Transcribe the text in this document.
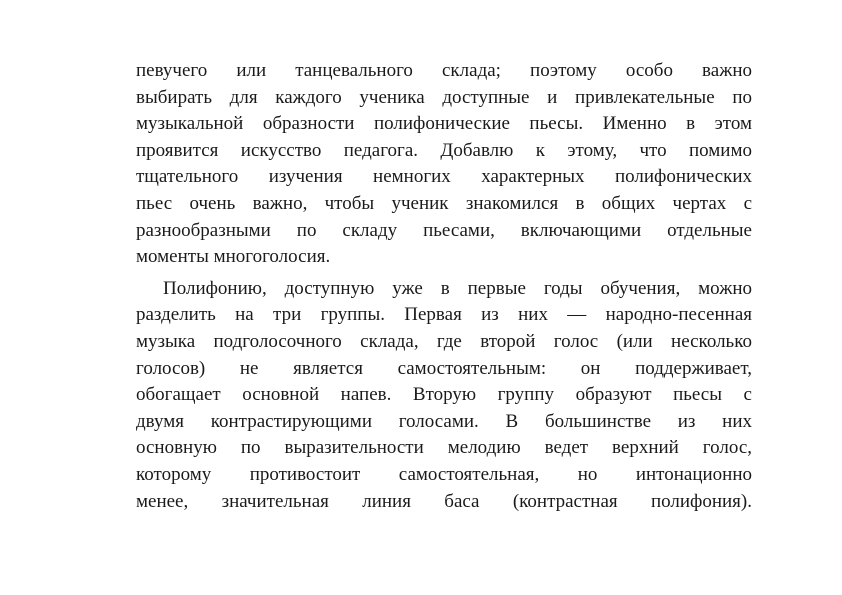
певучего или танцевального склада; поэтому особо важно
выбирать для каждого ученика доступные и привлекательные по
музыкальной образности полифонические пьесы. Именно в этом
проявится искусство педагога. Добавлю к этому, что помимо
тщательного изучения немногих характерных полифонических
пьес очень важно, чтобы ученик знакомился в общих чертах с
разнообразными по складу пьесами, включающими отдельные
моменты многоголосия.
Полифонию, доступную уже в первые годы обучения, можно
разделить на три группы. Первая из них — народно-песенная
музыка подголосочного склада, где второй голос (или несколько
голосов) не является самостоятельным: он поддерживает,
обогащает основной напев. Вторую группу образуют пьесы с
двумя контрастирующими голосами. В большинстве из них
основную по выразительности мелодию ведет верхний голос,
которому противостоит самостоятельная, но интонационно
менее, значительная линия баса (контрастная полифония).
